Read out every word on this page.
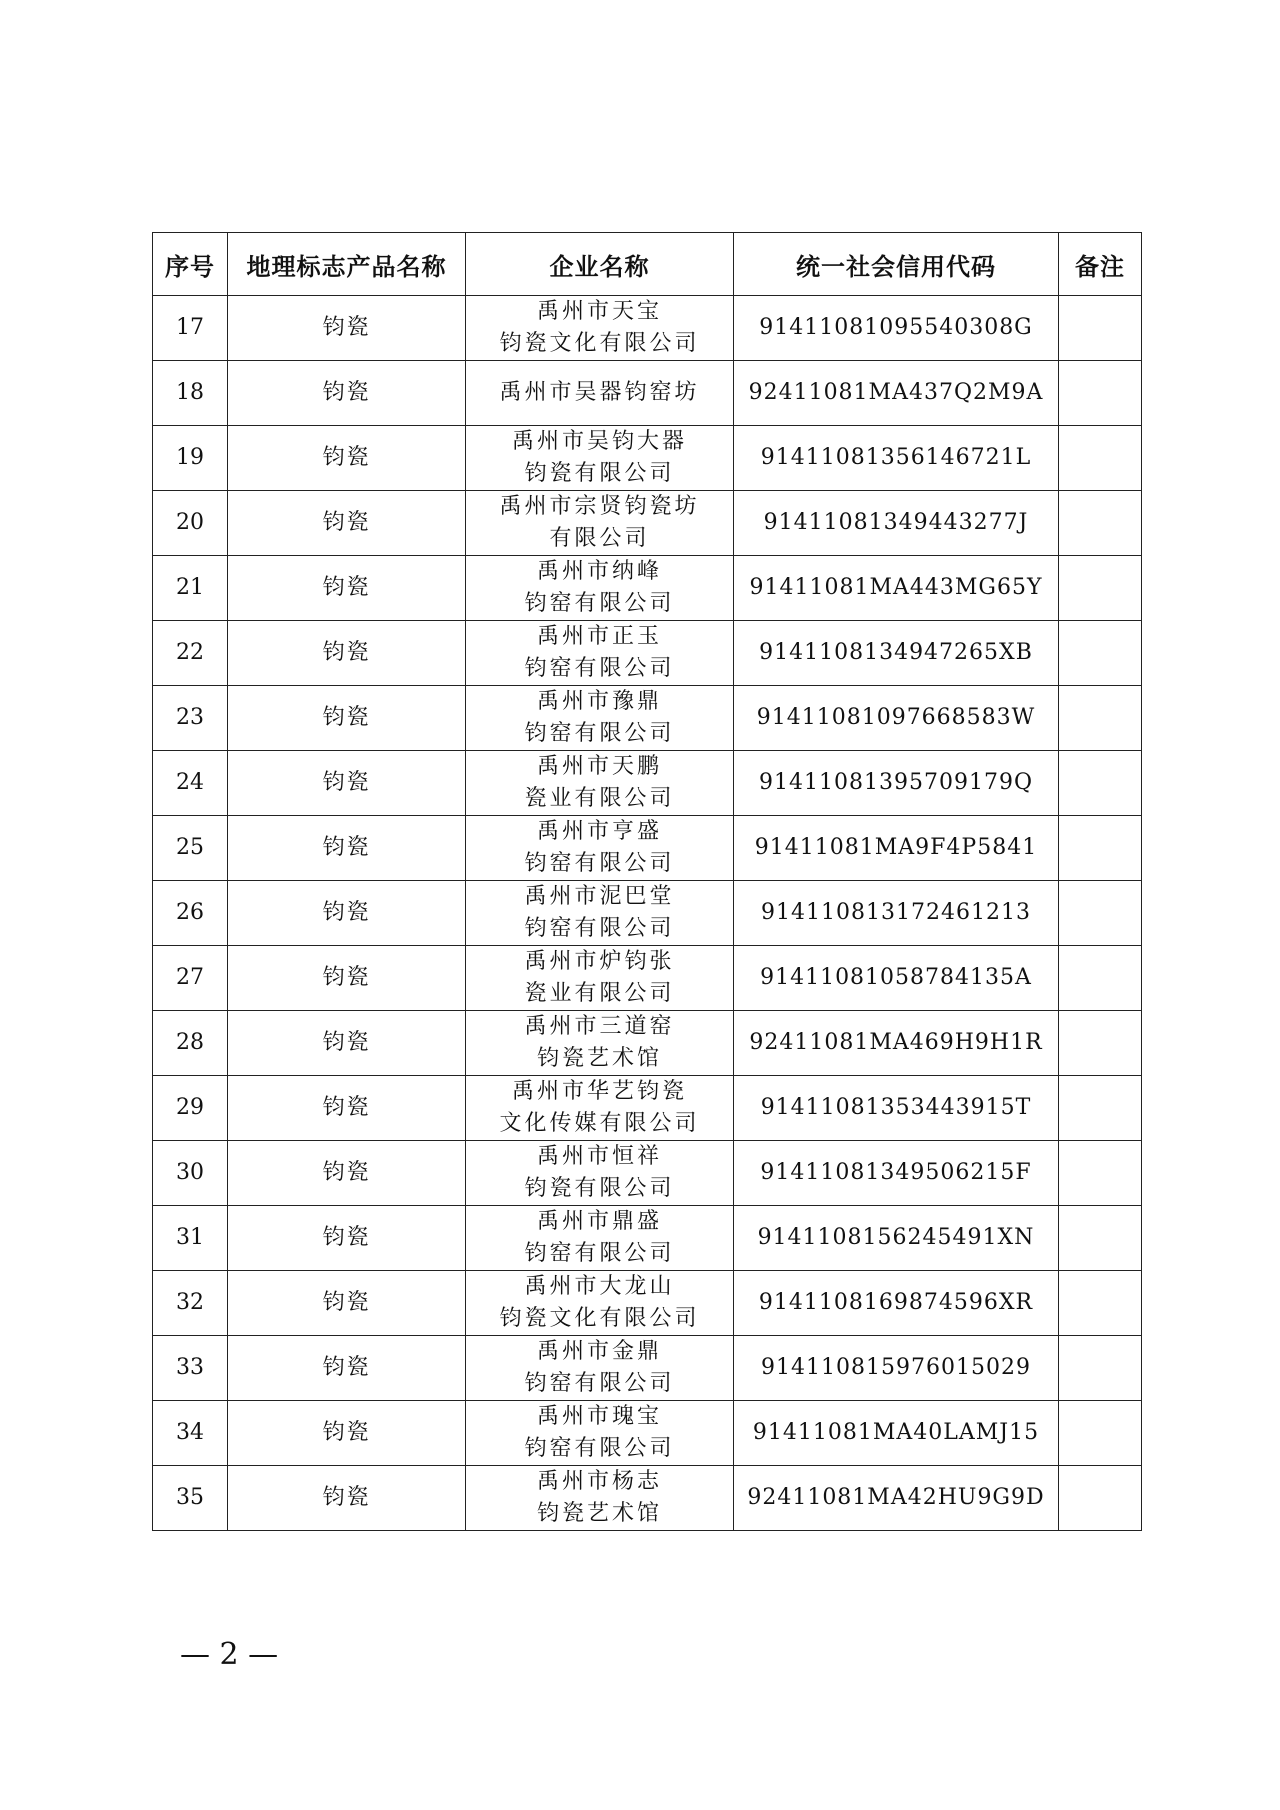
序号	地理标志产品名称	企业名称	统一社会信用代码	备注
17	钧瓷	禹州市天宝
钧瓷文化有限公司	91411081095540308G	
18	钧瓷	禹州市吴器钧窑坊	92411081MA437Q2M9A	
19	钧瓷	禹州市吴钧大器
钧瓷有限公司	91411081356146721L	
20	钧瓷	禹州市宗贤钧瓷坊
有限公司	91411081349443277J	
21	钧瓷	禹州市纳峰
钧窑有限公司	91411081MA443MG65Y	
22	钧瓷	禹州市正玉
钧窑有限公司	9141108134947265XB	
23	钧瓷	禹州市豫鼎
钧窑有限公司	91411081097668583W	
24	钧瓷	禹州市天鹏
瓷业有限公司	91411081395709179Q	
25	钧瓷	禹州市亨盛
钧窑有限公司	91411081MA9F4P5841	
26	钧瓷	禹州市泥巴堂
钧窑有限公司	914110813172461213	
27	钧瓷	禹州市炉钧张
瓷业有限公司	91411081058784135A	
28	钧瓷	禹州市三道窑
钧瓷艺术馆	92411081MA469H9H1R	
29	钧瓷	禹州市华艺钧瓷
文化传媒有限公司	91411081353443915T	
30	钧瓷	禹州市恒祥
钧瓷有限公司	91411081349506215F	
31	钧瓷	禹州市鼎盛
钧窑有限公司	9141108156245491XN	
32	钧瓷	禹州市大龙山
钧瓷文化有限公司	9141108169874596XR	
33	钧瓷	禹州市金鼎
钧窑有限公司	914110815976015029	
34	钧瓷	禹州市瑰宝
钧窑有限公司	91411081MA40LAMJ15	
35	钧瓷	禹州市杨志
钧瓷艺术馆	92411081MA42HU9G9D	
— 2 —
